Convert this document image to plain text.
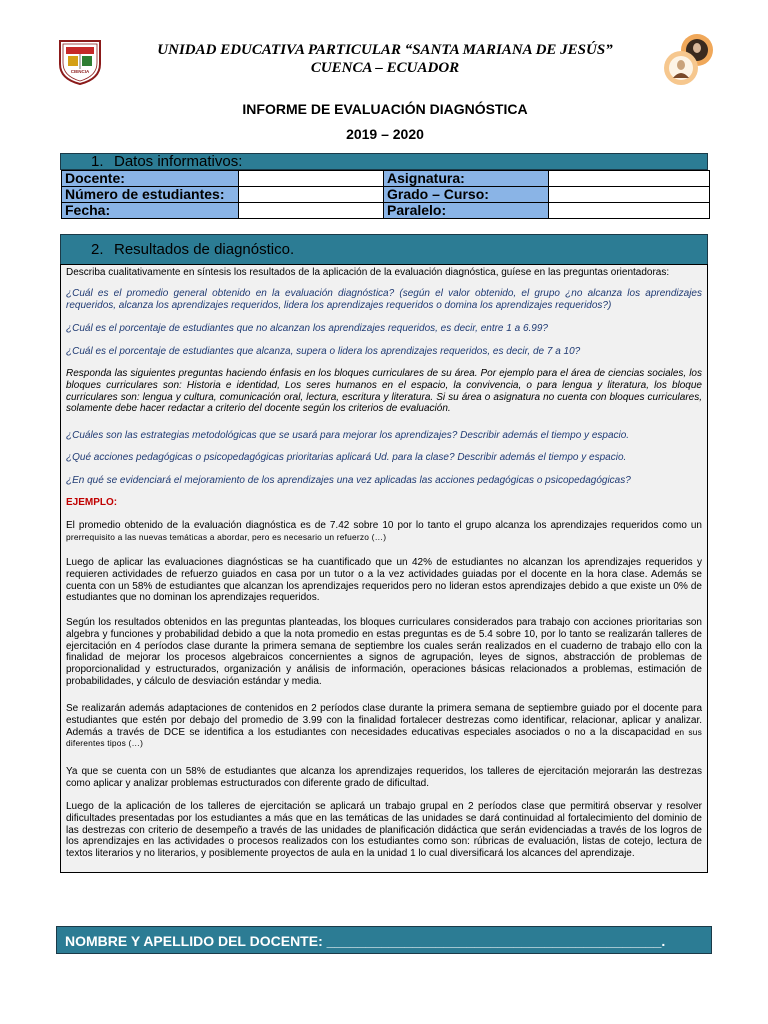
CIENCIA
UNIDAD EDUCATIVA PARTICULAR “SANTA MARIANA DE JESÚS”
CUENCA – ECUADOR
INFORME DE EVALUACIÓN DIAGNÓSTICA
2019 – 2020
1. Datos informativos:
Docente:		Asignatura:	
Número de estudiantes:		Grado – Curso:	
Fecha:		Paralelo:	
2. Resultados de diagnóstico.

Describa cualitativamente en síntesis los resultados de la aplicación de la evaluación diagnóstica, guíese en las preguntas orientadoras:

¿Cuál es el promedio general obtenido en la evaluación diagnóstica? (según el valor obtenido, el grupo ¿no alcanza los aprendizajes requeridos, alcanza los aprendizajes requeridos, lidera los aprendizajes requeridos o domina los aprendizajes requeridos?)

¿Cuál es el porcentaje de estudiantes que no alcanzan los aprendizajes requeridos, es decir, entre 1 a 6.99?

¿Cuál es el porcentaje de estudiantes que alcanza, supera o lidera los aprendizajes requeridos, es decir, de 7 a 10?

Responda las siguientes preguntas haciendo énfasis en los bloques curriculares de su área. Por ejemplo para el área de ciencias sociales, los bloques curriculares son: Historia e identidad, Los seres humanos en el espacio, la convivencia, o para lengua y literatura, los bloque curriculares son: lengua y cultura, comunicación oral, lectura, escritura y literatura. Si su área o asignatura no cuenta con bloques curriculares, solamente debe hacer redactar a criterio del docente según los criterios de evaluación.

¿Cuáles son las estrategias metodológicas que se usará para mejorar los aprendizajes? Describir además el tiempo y espacio.

¿Qué acciones pedagógicas o psicopedagógicas prioritarias aplicará Ud. para la clase? Describir además el tiempo y espacio.

¿En qué se evidenciará el mejoramiento de los aprendizajes una vez aplicadas las acciones pedagógicas o psicopedagógicas?

EJEMPLO:

El promedio obtenido de la evaluación diagnóstica es de 7.42 sobre 10 por lo tanto el grupo alcanza los aprendizajes requeridos como un prerrequisito a las nuevas temáticas a abordar, pero es necesario un refuerzo (…)

Luego de aplicar las evaluaciones diagnósticas se ha cuantificado que un 42% de estudiantes no alcanzan los aprendizajes requeridos y requieren actividades de refuerzo guiados en casa por un tutor o a la vez actividades guiadas por el docente en la hora clase. Además se cuenta con un 58% de estudiantes que alcanzan los aprendizajes requeridos pero no lideran estos aprendizajes debido a que existe un 0% de estudiantes que no dominan los aprendizajes requeridos.

Según los resultados obtenidos en las preguntas planteadas, los bloques curriculares considerados para trabajo con acciones prioritarias son algebra y funciones y probabilidad debido a que la nota promedio en estas preguntas es de 5.4 sobre 10, por lo tanto se realizarán talleres de ejercitación en 4 períodos clase durante la primera semana de septiembre los cuales serán realizados en el cuaderno de trabajo ello con la finalidad de mejorar los procesos algebraicos concernientes a signos de agrupación, leyes de signos, abstracción de problemas de proporcionalidad y estructurados, organización y análisis de información, operaciones básicas relacionados a problemas, estimación de probabilidades, y cálculo de desviación estándar y media.

Se realizarán además adaptaciones de contenidos en 2 períodos clase durante la primera semana de septiembre guiado por el docente para estudiantes que estén por debajo del promedio de 3.99 con la finalidad fortalecer destrezas como identificar, relacionar, aplicar y analizar. Además a través de DCE se identifica a los estudiantes con necesidades educativas especiales asociados o no a la discapacidad en sus diferentes tipos (…)

Ya que se cuenta con un 58% de estudiantes que alcanza los aprendizajes requeridos, los talleres de ejercitación mejorarán las destrezas como aplicar y analizar problemas estructurados con diferente grado de dificultad.

Luego de la aplicación de los talleres de ejercitación se aplicará un trabajo grupal en 2 períodos clase que permitirá observar y resolver dificultades presentadas por los estudiantes a más que en las temáticas de las unidades se dará continuidad al fortalecimiento del dominio de las destrezas con criterio de desempeño a través de las unidades de planificación didáctica que serán evidenciadas a través de los logros de los aprendizajes en las actividades o procesos realizados con los estudiantes como son: rúbricas de evaluación, listas de cotejo, lectura de textos literarios y no literarios, y posiblemente proyectos de aula en la unidad 1 lo cual diversificará los alcances del aprendizaje.

NOMBRE Y APELLIDO DEL DOCENTE: ___________________________________________.
